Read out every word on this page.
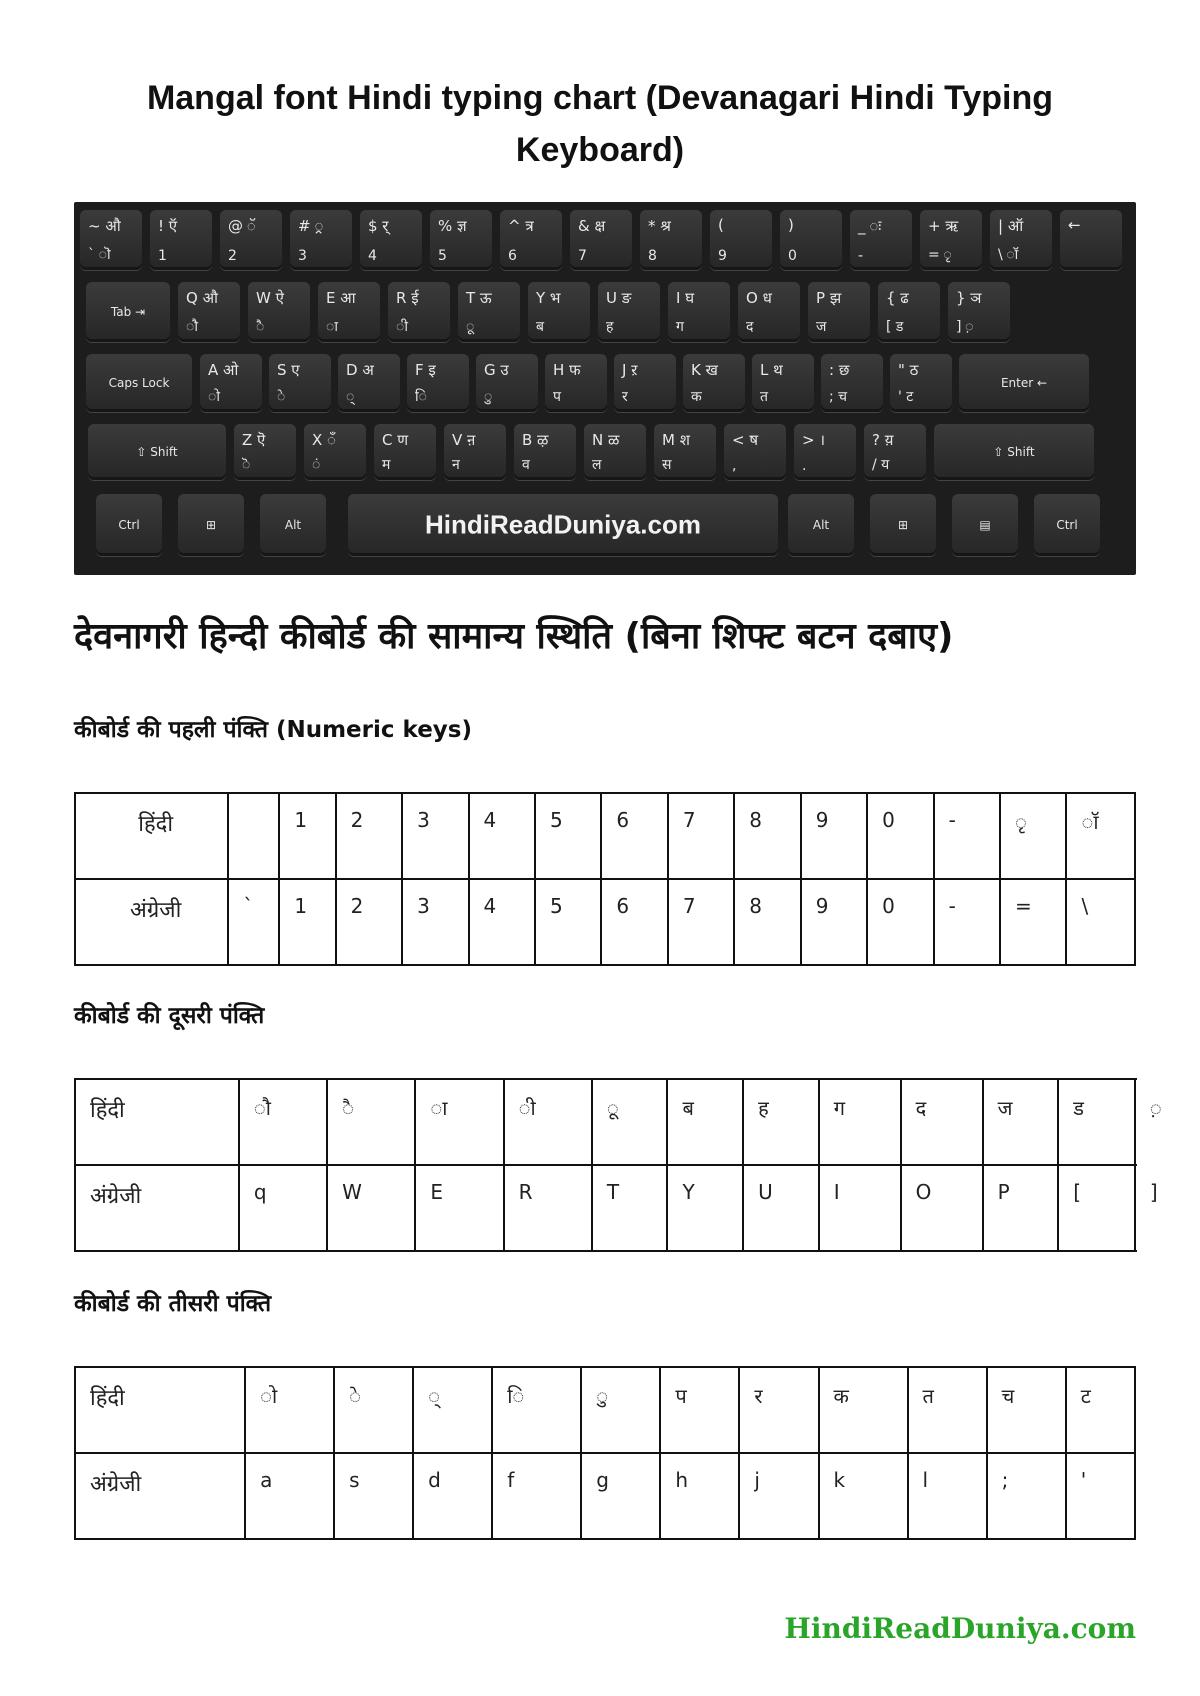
Mangal font Hindi typing chart (Devanagari Hindi Typing Keyboard)
~ औ
` ॊ
! ऍ
1
@ ॅ
2
# ्र
3
$ र्
4
% ज्ञ
5
^ त्र
6
& क्ष
7
* श्र
8
(
9
)
0
_ ः
-
+ ऋ
= ृ
| ऑ
\ ॉ
←
Tab ⇥
Q औ
ौ
W ऐ
ै
E आ
ा
R ई
ी
T ऊ
ू
Y भ
ब
U ङ
ह
I घ
ग
O ध
द
P झ
ज
{ ढ
[ ड
} ञ
] ़
Caps Lock
A ओ
ो
S ए
े
D अ
्
F इ
ि
G उ
ु
H फ
प
J ऱ
र
K ख
क
L थ
त
: छ
; च
" ठ
' ट
Enter ←
⇧ Shift
Z ऎ
ॆ
X ँ
ं
C ण
म
V ऩ
न
B ऴ
व
N ळ
ल
M श
स
< ष
,
> ।
.
? य़
/ य
⇧ Shift
Ctrl	⊞	Alt	HindiReadDuniya.com	Alt	⊞	▤	Ctrl
देवनागरी हिन्दी कीबोर्ड की सामान्य स्थिति (बिना शिफ्ट बटन दबाए)
कीबोर्ड की पहली पंक्ति (Numeric keys)
हिंदी		1	2	3	4	5	6	7	8	9	0	-	ृ	ॉ
अंग्रेजी	`	1	2	3	4	5	6	7	8	9	0	-	=	\
कीबोर्ड की दूसरी पंक्ति
हिंदी	ौ	ै	ा	ी	ू	ब	ह	ग	द	ज	ड	़
अंग्रेजी	q	W	E	R	T	Y	U	I	O	P	[	]
कीबोर्ड की तीसरी पंक्ति
हिंदी	ो	े	्	ि	ु	प	र	क	त	च	ट
अंग्रेजी	a	s	d	f	g	h	j	k	l	;	'
HindiReadDuniya.com
